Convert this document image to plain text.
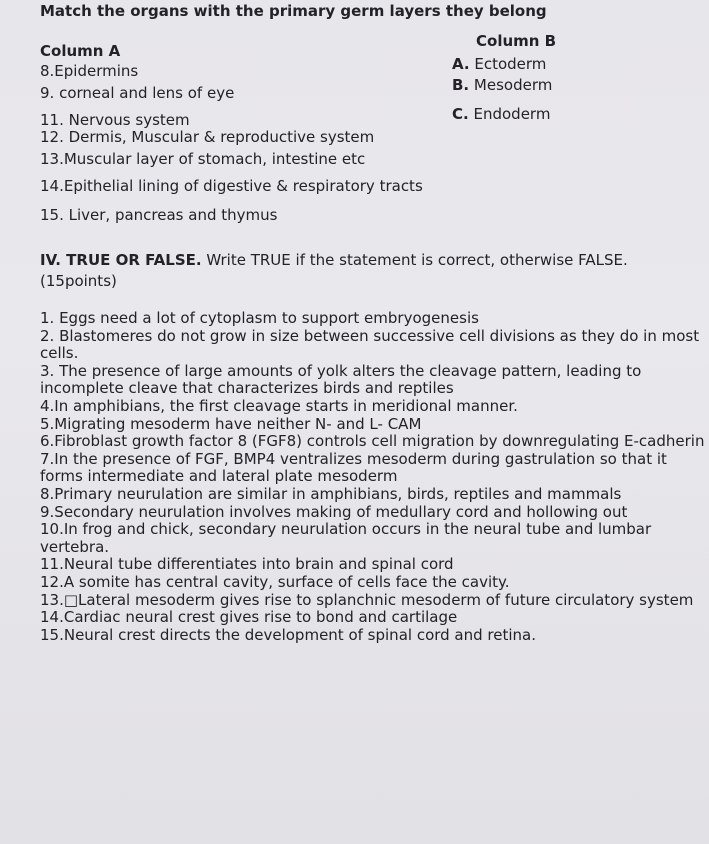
Match the organs with the primary germ layers they belong
Column A
Column B
8.Epidermins
9. corneal and lens of eye
11. Nervous system
12. Dermis, Muscular & reproductive system
13.Muscular layer of stomach, intestine etc
14.Epithelial lining of digestive & respiratory tracts
15. Liver, pancreas and thymus
A. Ectoderm
B. Mesoderm
C. Endoderm
IV. TRUE OR FALSE. Write TRUE if the statement is correct, otherwise FALSE.(15points)

1. Eggs need a lot of cytoplasm to support embryogenesis

2. Blastomeres do not grow in size between successive cell divisions as they do in most cells.

3. The presence of large amounts of yolk alters the cleavage pattern, leading to incomplete cleave that characterizes birds and reptiles

4.In amphibians, the first cleavage starts in meridional manner.

5.Migrating mesoderm have neither N- and L- CAM

6.Fibroblast growth factor 8 (FGF8) controls cell migration by downregulating E-cadherin

7.In the presence of FGF, BMP4 ventralizes mesoderm during gastrulation so that it forms intermediate and lateral plate mesoderm

8.Primary neurulation are similar in amphibians, birds, reptiles and mammals

9.Secondary neurulation involves making of medullary cord and hollowing out

10.In frog and chick, secondary neurulation occurs in the neural tube and lumbar vertebra.

11.Neural tube differentiates into brain and spinal cord

12.A somite has central cavity, surface of cells face the cavity.

13.□Lateral mesoderm gives rise to splanchnic mesoderm of future circulatory system

14.Cardiac neural crest gives rise to bond and cartilage

15.Neural crest directs the development of spinal cord and retina.
